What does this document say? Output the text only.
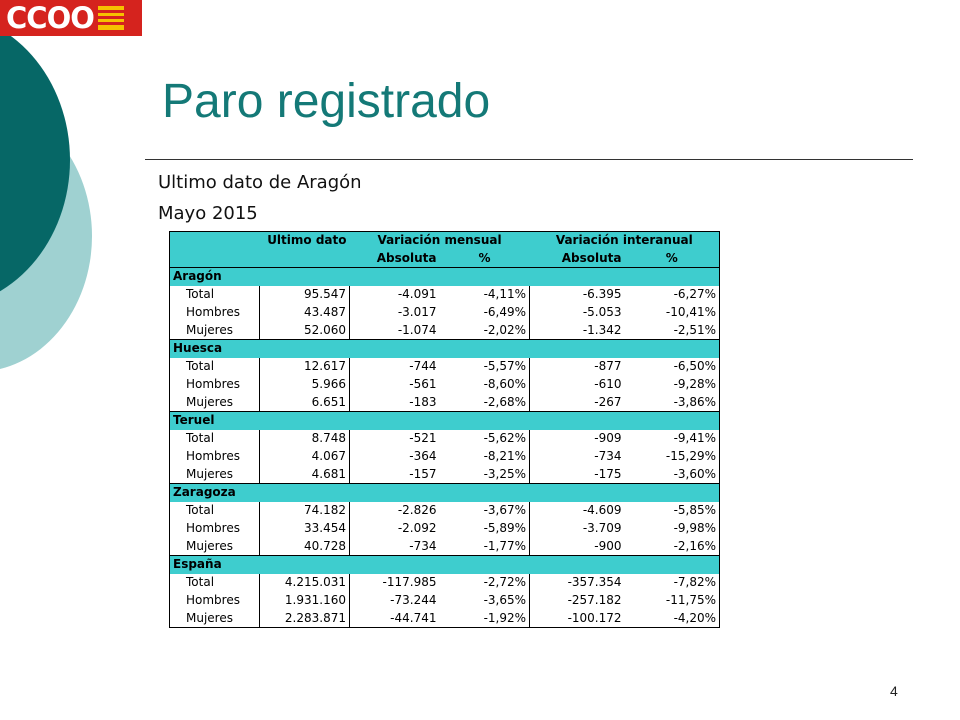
CCOO
Paro registrado

Ultimo dato de Aragón

Mayo 2015

	Ultimo dato	Variación mensual		Variación interanual	
		Absoluta	%	Absoluta	%
Aragón					
Total	95.547	-4.091	-4,11%	-6.395	-6,27%
Hombres	43.487	-3.017	-6,49%	-5.053	-10,41%
Mujeres	52.060	-1.074	-2,02%	-1.342	-2,51%
Huesca					
Total	12.617	-744	-5,57%	-877	-6,50%
Hombres	5.966	-561	-8,60%	-610	-9,28%
Mujeres	6.651	-183	-2,68%	-267	-3,86%
Teruel					
Total	8.748	-521	-5,62%	-909	-9,41%
Hombres	4.067	-364	-8,21%	-734	-15,29%
Mujeres	4.681	-157	-3,25%	-175	-3,60%
Zaragoza					
Total	74.182	-2.826	-3,67%	-4.609	-5,85%
Hombres	33.454	-2.092	-5,89%	-3.709	-9,98%
Mujeres	40.728	-734	-1,77%	-900	-2,16%
España					
Total	4.215.031	-117.985	-2,72%	-357.354	-7,82%
Hombres	1.931.160	-73.244	-3,65%	-257.182	-11,75%
Mujeres	2.283.871	-44.741	-1,92%	-100.172	-4,20%
4
